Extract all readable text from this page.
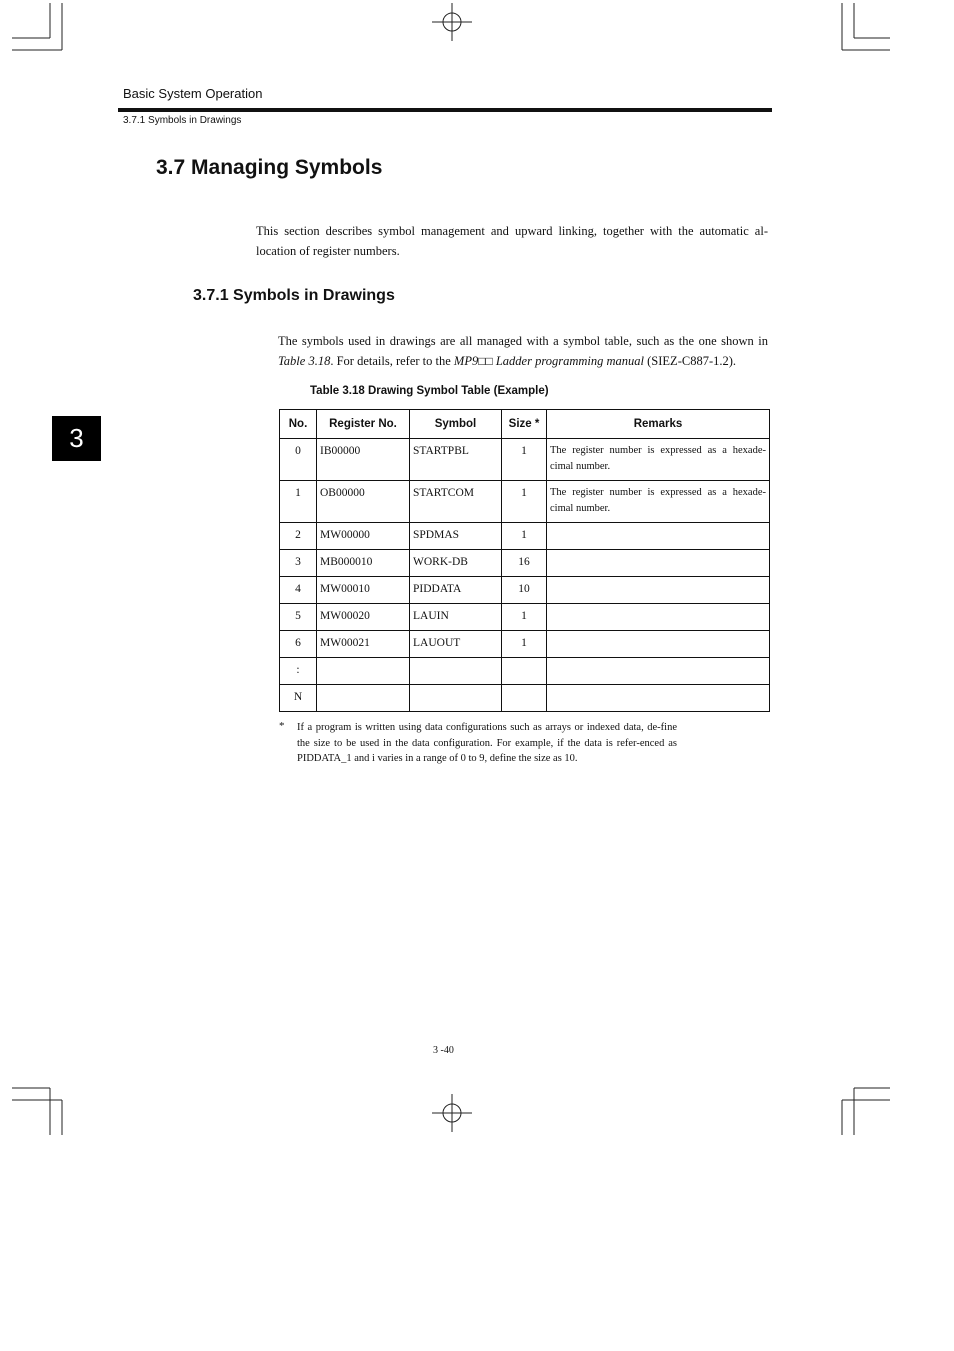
Basic System Operation
3.7.1 Symbols in Drawings
3
3.7 Managing Symbols
This section describes symbol management and upward linking, together with the automatic al-location of register numbers.
3.7.1 Symbols in Drawings
The symbols used in drawings are all managed with a symbol table, such as the one shown in Table 3.18. For details, refer to the MP9□□ Ladder programming manual (SIEZ-C887-1.2).
Table 3.18 Drawing Symbol Table (Example)
No.	Register No.	Symbol	Size *	Remarks

0	IB00000	STARTPBL	1	The register number is expressed as a hexade-cimal number.

1	OB00000	STARTCOM	1	The register number is expressed as a hexade-cimal number.

2	MW00000	SPDMAS	1	

3	MB000010	WORK-DB	16	

4	MW00010	PIDDATA	10	

5	MW00020	LAUIN	1	

6	MW00021	LAUOUT	1	

:				

N				

* If a program is written using data configurations such as arrays or indexed data, de-fine the size to be used in the data configuration. For example, if the data is refer-enced as PIDDATA_1 and i varies in a range of 0 to 9, define the size as 10.
3 -40
